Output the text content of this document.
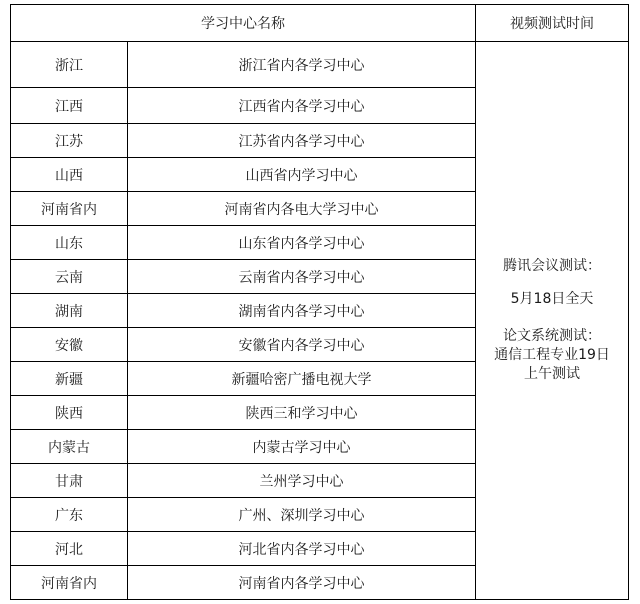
学习中心名称		视频测试时间
浙江	浙江省内各学习中心	腾讯会议测试：
5月18日全天
论文系统测试：
通信工程专业19日
上午测试

江西	江西省内各学习中心	
江苏	江苏省内各学习中心	
山西	山西省内学习中心	
河南省内	河南省内各电大学习中心	
山东	山东省内各学习中心	
云南	云南省内各学习中心	
湖南	湖南省内各学习中心	
安徽	安徽省内各学习中心	
新疆	新疆哈密广播电视大学	
陕西	陕西三和学习中心	
内蒙古	内蒙古学习中心	
甘肃	兰州学习中心	
广东	广州、深圳学习中心	
河北	河北省内各学习中心	
河南省内	河南省内各学习中心	
